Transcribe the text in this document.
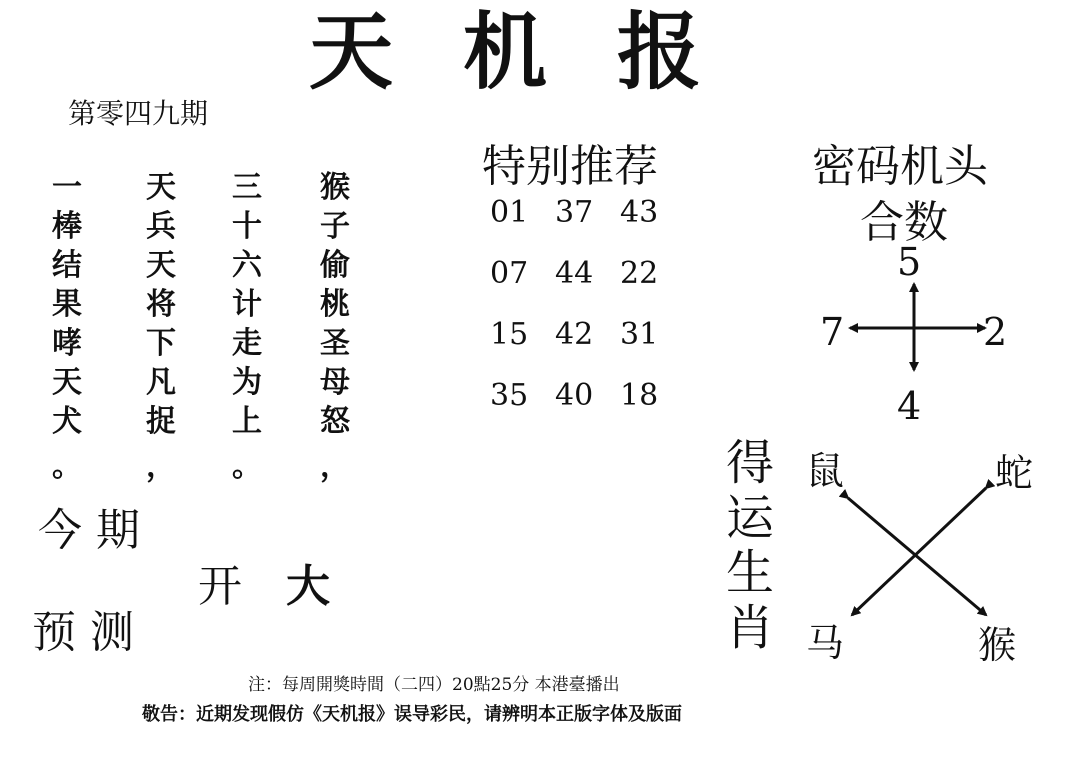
天机报
第零四九期
一
棒
结
果
哮
天
犬
。
天
兵
天
将
下
凡
捉
，
三
十
六
计
走
为
上
。
猴
子
偷
桃
圣
母
怒
，
今 期
开 大
预 测
特别推荐
01 37 43
07 44 22
15 42 31
35 40 18
密码机头
合数
5
7	2
4
得
运
生
肖
鼠	蛇
马	猴
注：每周開獎時間（二四）20點25分 本港臺播出
敬告：近期发现假仿《天机报》误导彩民，请辨明本正版字体及版面
